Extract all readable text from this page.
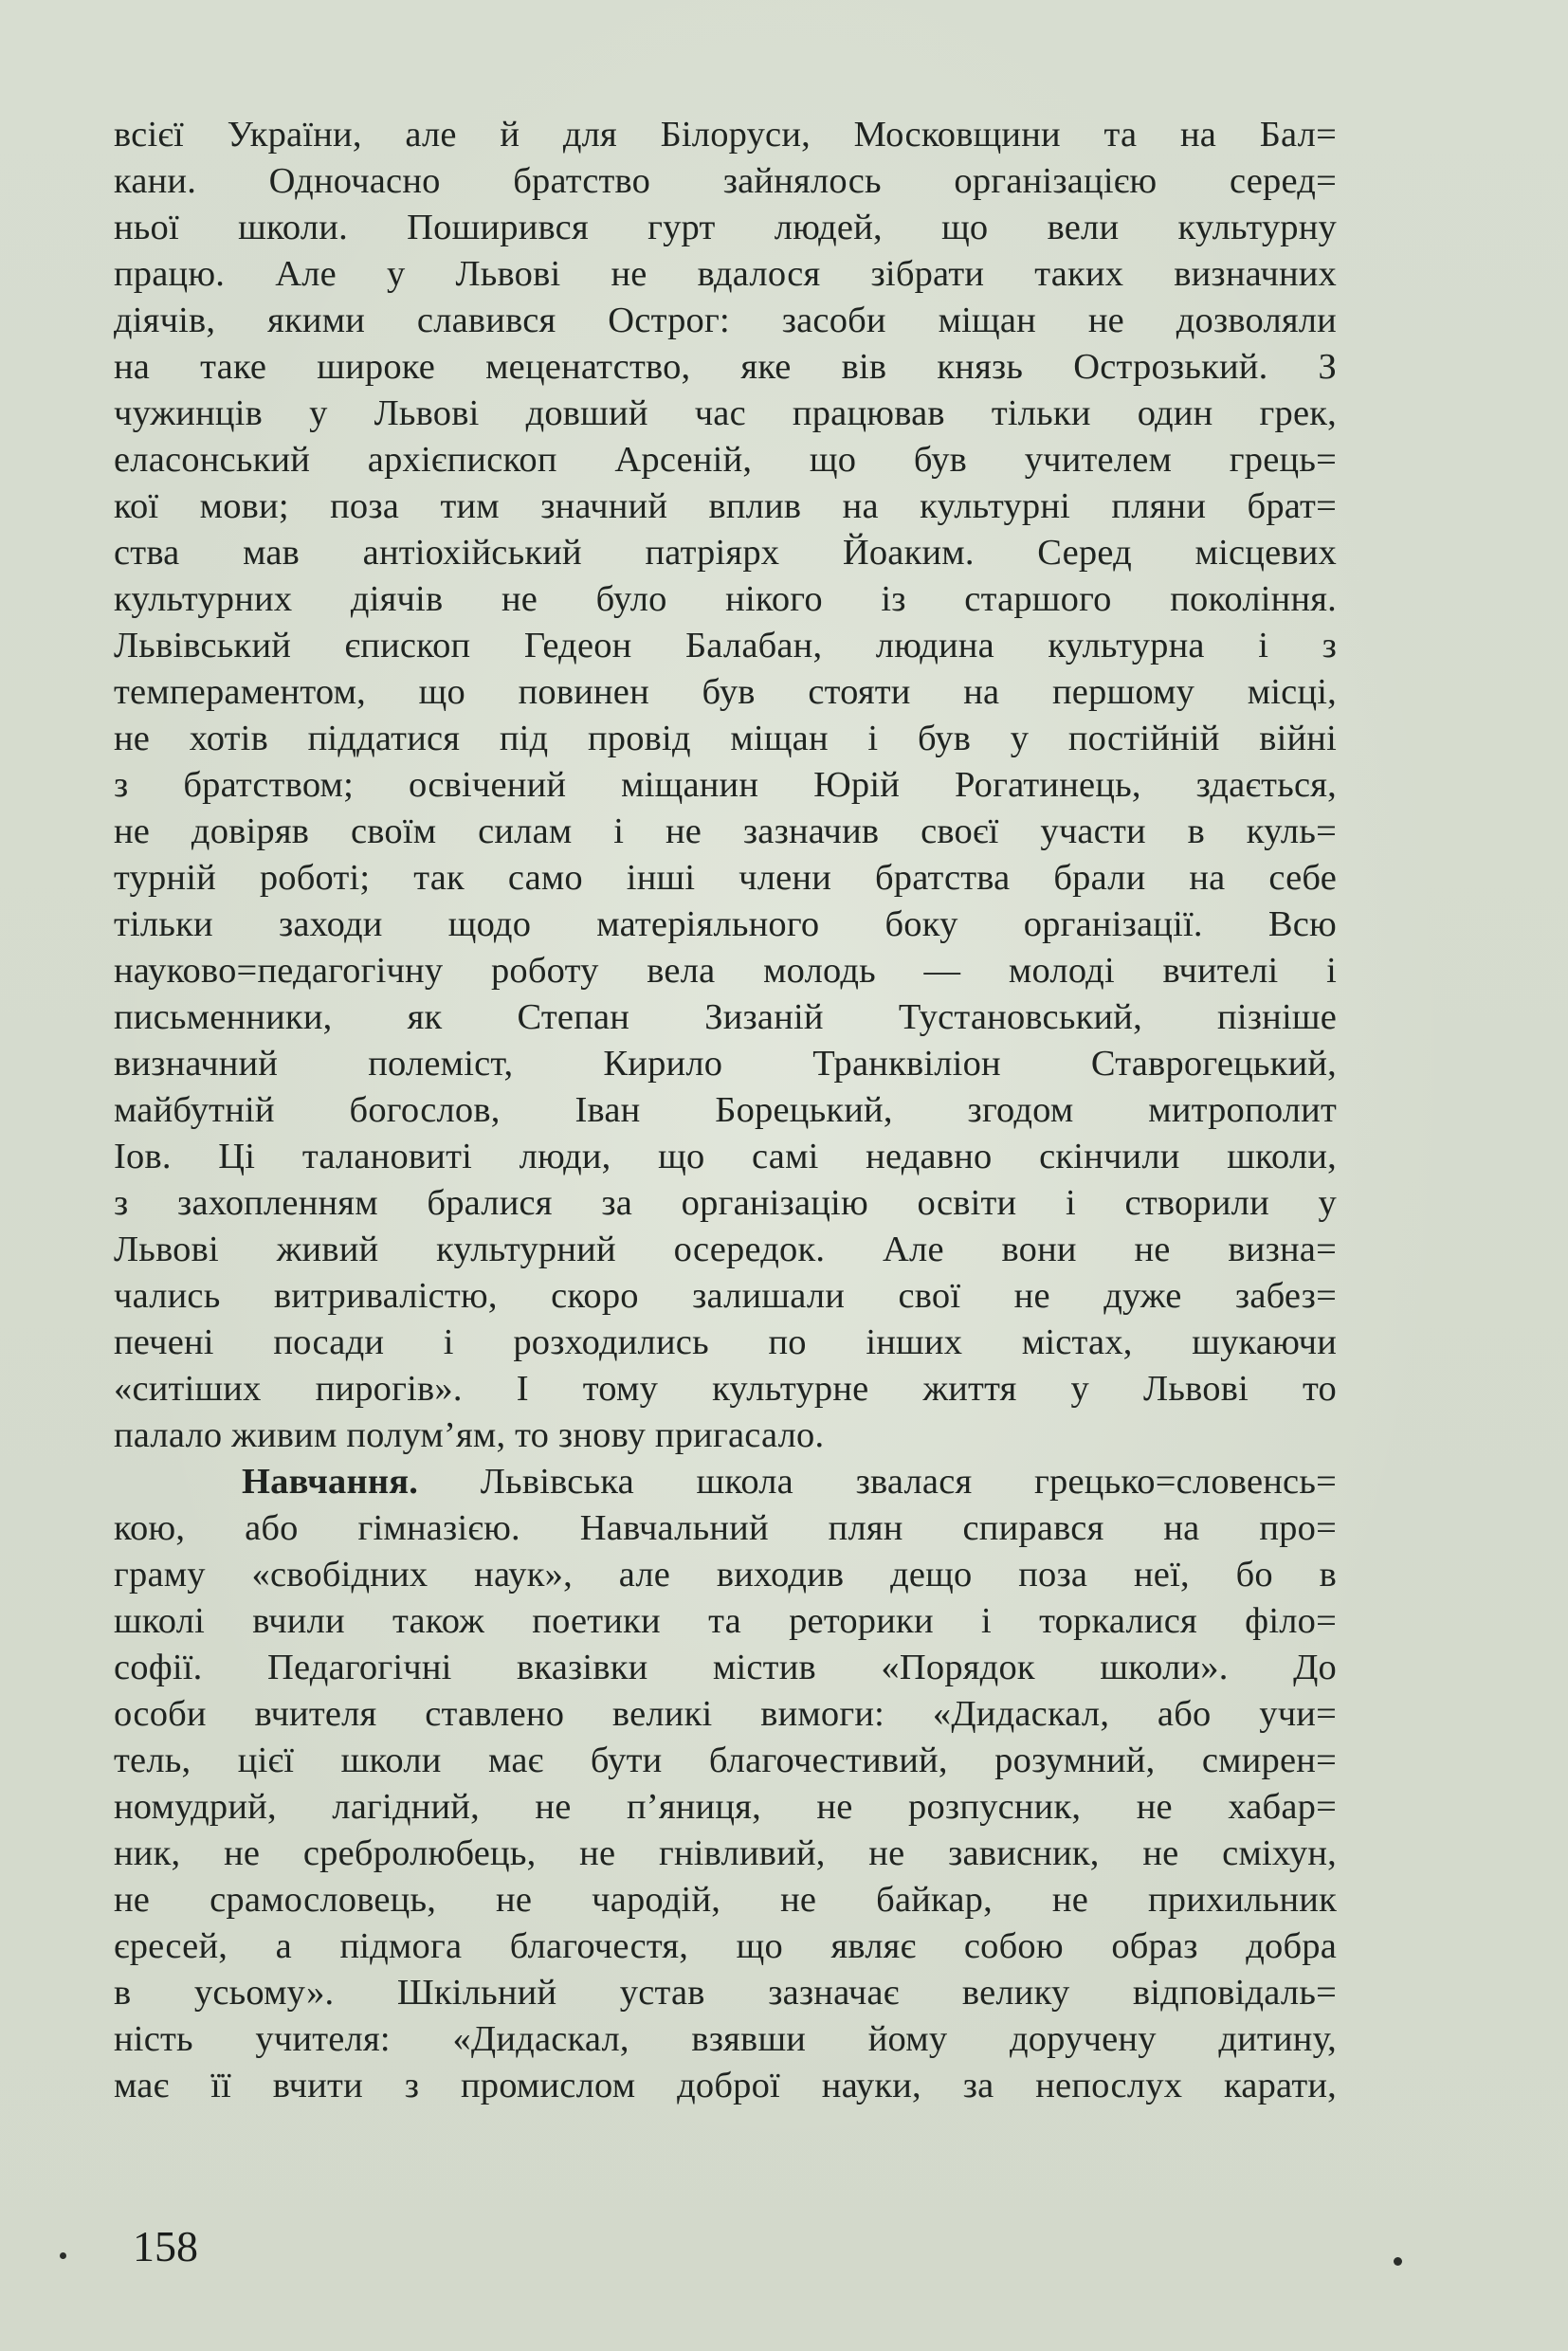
всієї України, але й для Білоруси, Московщини та на Бал=
кани. Одночасно братство зайнялось організацією серед=
ньої школи. Поширився гурт людей, що вели культурну
працю. Але у Львові не вдалося зібрати таких визначних
діячів, якими славився Острог: засоби міщан не дозволяли
на таке широке меценатство, яке вів князь Острозький. З
чужинців у Львові довший час працював тільки один грек,
еласонський архієпископ Арсеній, що був учителем грець=
кої мови; поза тим значний вплив на культурні пляни брат=
ства мав антіохійський патріярх Йоаким. Серед місцевих
культурних діячів не було нікого із старшого покоління.
Львівський єпископ Гедеон Балабан, людина культурна і з
темпераментом, що повинен був стояти на першому місці,
не хотів піддатися під провід міщан і був у постійній війні
з братством; освічений міщанин Юрій Рогатинець, здається,
не довіряв своїм силам і не зазначив своєї участи в куль=
турній роботі; так само інші члени братства брали на себе
тільки заходи щодо матеріяльного боку організації. Всю
науково=педагогічну роботу вела молодь — молоді вчителі і
письменники, як Степан Зизаній Тустановський, пізніше
визначний полеміст, Кирило Транквіліон Ставрогецький,
майбутній богослов, Іван Борецький, згодом митрополит
Іов. Ці талановиті люди, що самі недавно скінчили школи,
з захопленням бралися за організацію освіти і створили у
Львові живий культурний осередок. Але вони не визна=
чались витривалістю, скоро залишали свої не дуже забез=
печені посади і розходились по інших містах, шукаючи
«ситіших пирогів». І тому культурне життя у Львові то
палало живим полум’ям, то знову пригасало.
Навчання. Львівська школа звалася грецько=словенсь=
кою, або гімназією. Навчальний плян спирався на про=
граму «свобідних наук», але виходив дещо поза неї, бо в
школі вчили також поетики та реторики і торкалися філо=
софії. Педагогічні вказівки містив «Порядок школи». До
особи вчителя ставлено великі вимоги: «Дидаскал, або учи=
тель, цієї школи має бути благочестивий, розумний, смирен=
номудрий, лагідний, не п’яниця, не розпусник, не хабар=
ник, не сребролюбець, не гнівливий, не зависник, не сміхун,
не срамословець, не чародій, не байкар, не прихильник
єресей, а підмога благочестя, що являє собою образ добра
в усьому». Шкільний устав зазначає велику відповідаль=
ність учителя: «Дидаскал, взявши йому доручену дитину,
має її вчити з промислом доброї науки, за непослух карати,
158
